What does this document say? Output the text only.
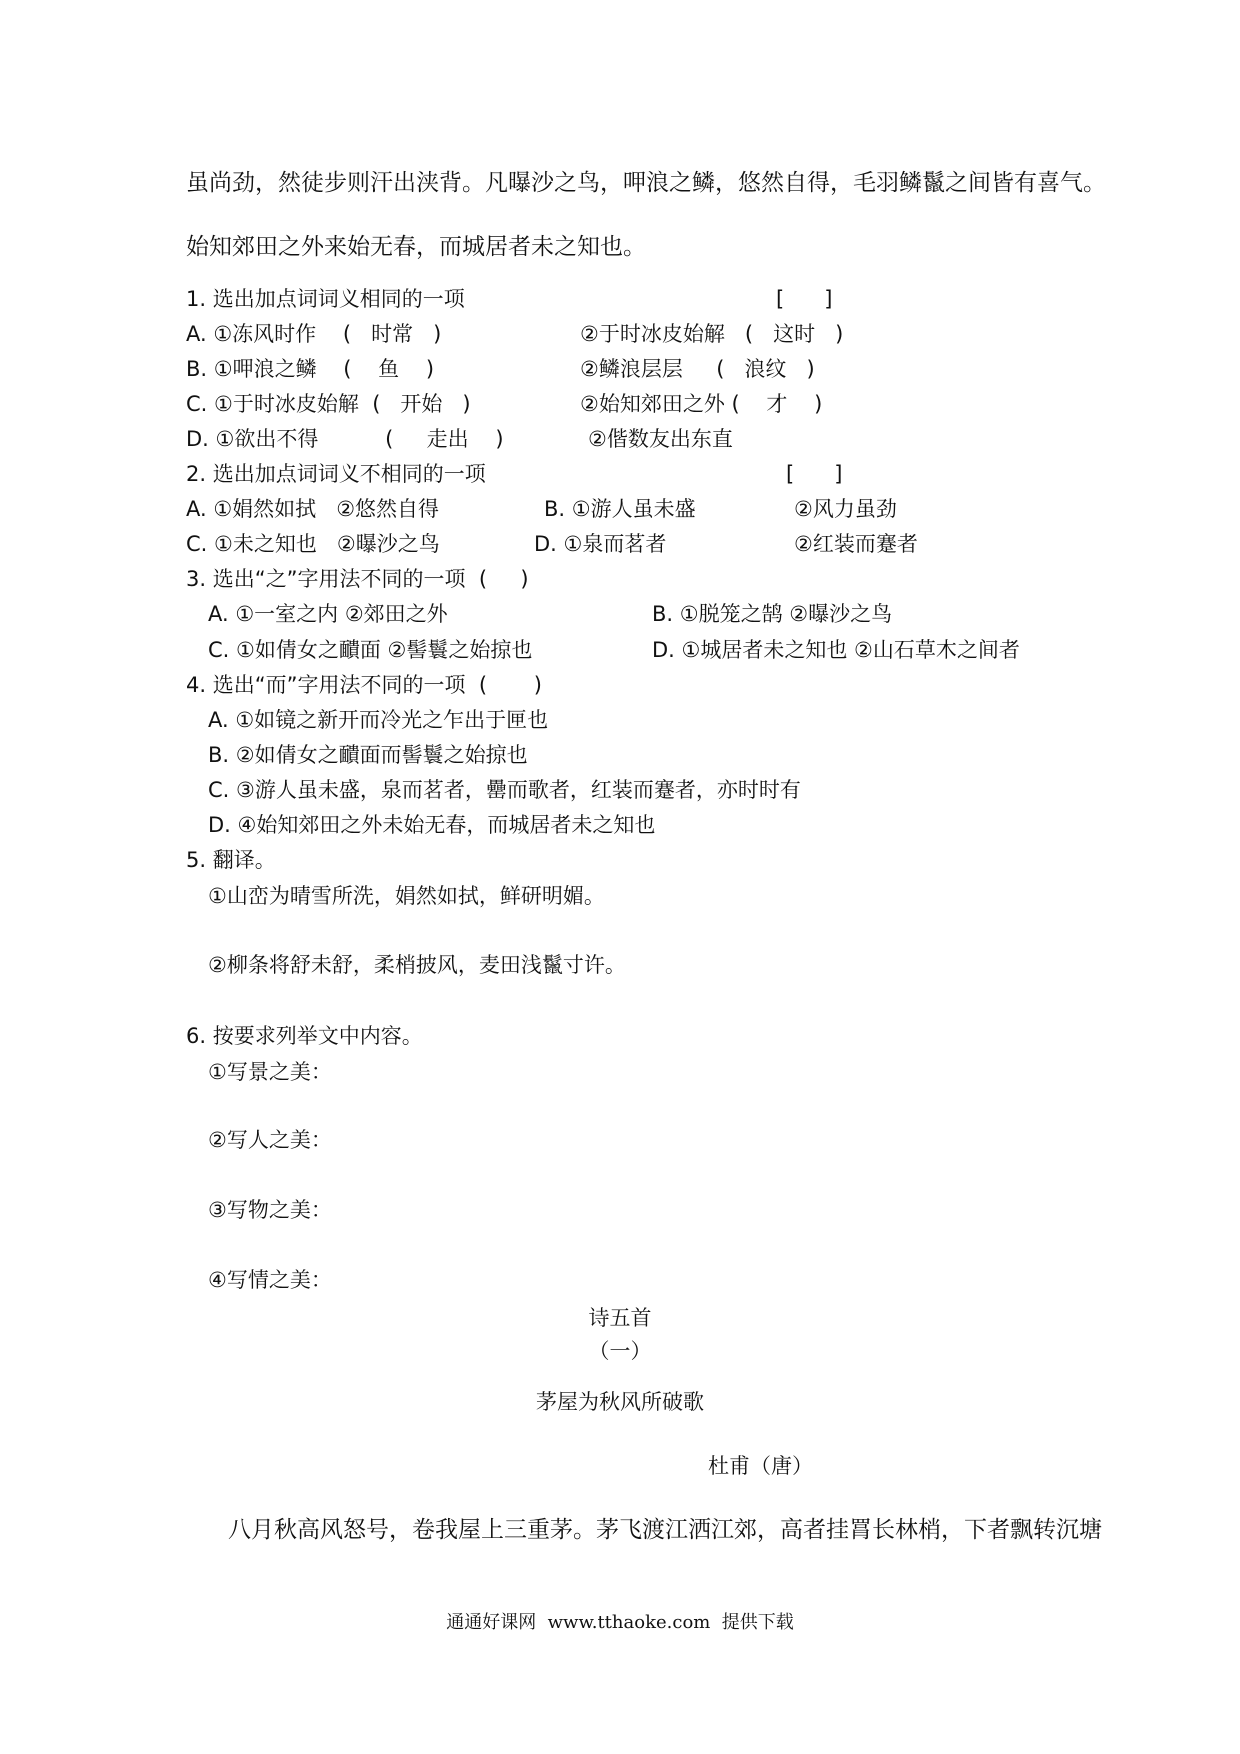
虽尚劲，然徒步则汗出浃背。凡曝沙之鸟，呷浪之鳞，悠然自得，毛羽鳞鬣之间皆有喜气。
始知郊田之外来始无春，而城居者未之知也。
1. 选出加点词词义相同的一项	[      ]
A. ①冻风时作    (   时常   )	②于时冰皮始解   (   这时   )
B. ①呷浪之鳞    (    鱼    )	②鳞浪层层     (   浪纹   )
C. ①于时冰皮始解  (   开始   )	②始知郊田之外 (    才    )
D. ①欲出不得          (     走出    )	②偕数友出东直
2. 选出加点词词义不相同的一项	[      ]
A. ①娟然如拭   ②悠然自得	B. ①游人虽未盛	②风力虽劲
C. ①未之知也   ②曝沙之鸟	D. ①泉而茗者	②红装而蹇者
3. 选出“之”字用法不同的一项  (     )
A. ①一室之内 ②郊田之外	B. ①脱笼之鹄 ②曝沙之鸟
C. ①如倩女之靧面 ②髻鬟之始掠也	D. ①城居者未之知也 ②山石草木之间者
4. 选出“而”字用法不同的一项  (       )
A. ①如镜之新开而冷光之乍出于匣也
B. ②如倩女之靧面而髻鬟之始掠也
C. ③游人虽未盛，泉而茗者，罍而歌者，红装而蹇者，亦时时有
D. ④始知郊田之外未始无春，而城居者未之知也
5. 翻译。
①山峦为晴雪所洗，娟然如拭，鲜研明媚。
②柳条将舒未舒，柔梢披风，麦田浅鬣寸许。
6. 按要求列举文中内容。
①写景之美：
②写人之美：
③写物之美：
④写情之美：
诗五首
（一）
茅屋为秋风所破歌
杜甫（唐）
八月秋高风怒号，卷我屋上三重茅。茅飞渡江洒江郊，高者挂罥长林梢，下者飘转沉塘
通通好课网  www.tthaoke.com  提供下载
